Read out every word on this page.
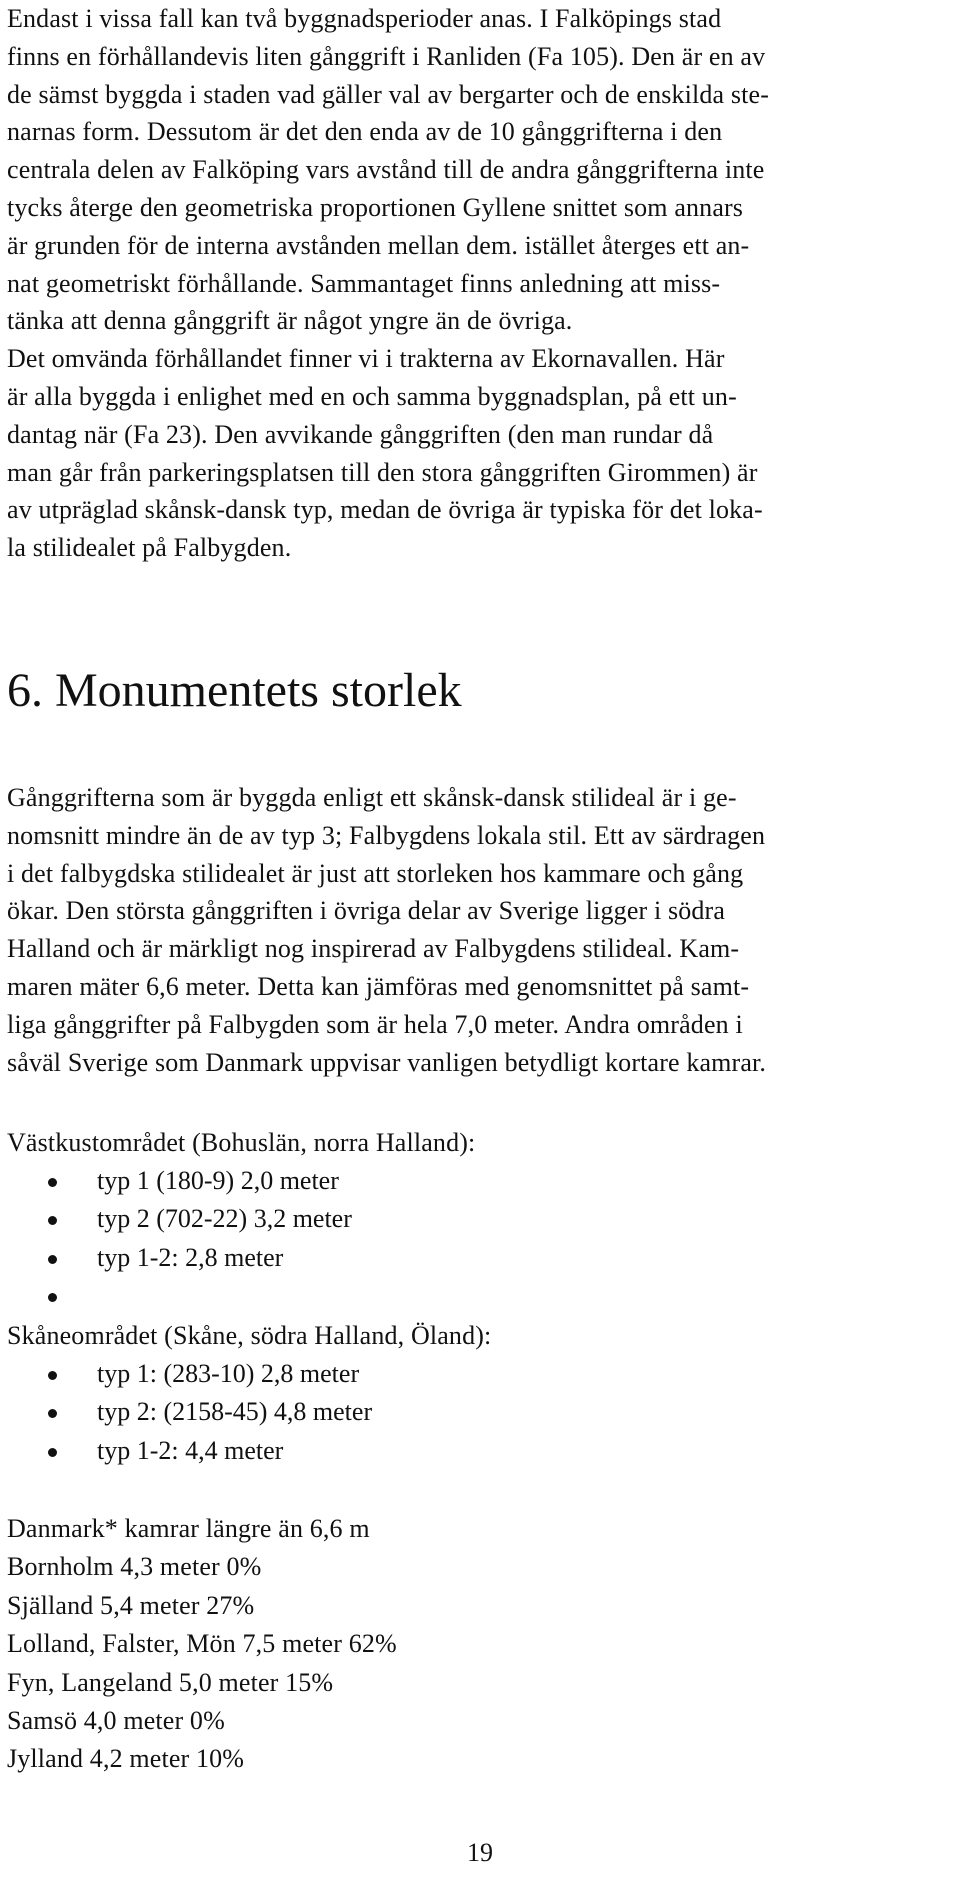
Endast i vissa fall kan två byggnadsperioder anas. I Falköpings stad
finns en förhållandevis liten gånggrift i Ranliden (Fa 105). Den är en av
de sämst byggda i staden vad gäller val av bergarter och de enskilda ste-
narnas form. Dessutom är det den enda av de 10 gånggrifterna i den
centrala delen av Falköping vars avstånd till de andra gånggrifterna inte
tycks återge den geometriska proportionen Gyllene snittet som annars
är grunden för de interna avstånden mellan dem. istället återges ett an-
nat geometriskt förhållande. Sammantaget finns anledning att miss-
tänka att denna gånggrift är något yngre än de övriga.
Det omvända förhållandet finner vi i trakterna av Ekornavallen. Här
är alla byggda i enlighet med en och samma byggnadsplan, på ett un-
dantag när (Fa 23). Den avvikande gånggriften (den man rundar då
man går från parkeringsplatsen till den stora gånggriften Girommen) är
av utpräglad skånsk-dansk typ, medan de övriga är typiska för det loka-
la stilidealet på Falbygden.
6. Monumentets storlek
Gånggrifterna som är byggda enligt ett skånsk-dansk stilideal är i ge-
nomsnitt mindre än de av typ 3; Falbygdens lokala stil. Ett av särdragen
i det falbygdska stilidealet är just att storleken hos kammare och gång
ökar. Den största gånggriften i övriga delar av Sverige ligger i södra
Halland och är märkligt nog inspirerad av Falbygdens stilideal. Kam-
maren mäter 6,6 meter. Detta kan jämföras med genomsnittet på samt-
liga gånggrifter på Falbygden som är hela 7,0 meter. Andra områden i
såväl Sverige som Danmark uppvisar vanligen betydligt kortare kamrar.
Västkustområdet (Bohuslän, norra Halland):
typ 1 (180-9) 2,0 meter
typ 2 (702-22) 3,2 meter
typ 1-2: 2,8 meter
Skåneområdet (Skåne, södra Halland, Öland):
typ 1: (283-10) 2,8 meter
typ 2: (2158-45) 4,8 meter
typ 1-2: 4,4 meter
Danmark* kamrar längre än 6,6 m
Bornholm 4,3 meter 0%
Själland 5,4 meter 27%
Lolland, Falster, Mön 7,5 meter 62%
Fyn, Langeland 5,0 meter 15%
Samsö 4,0 meter 0%
Jylland 4,2 meter 10%
19
